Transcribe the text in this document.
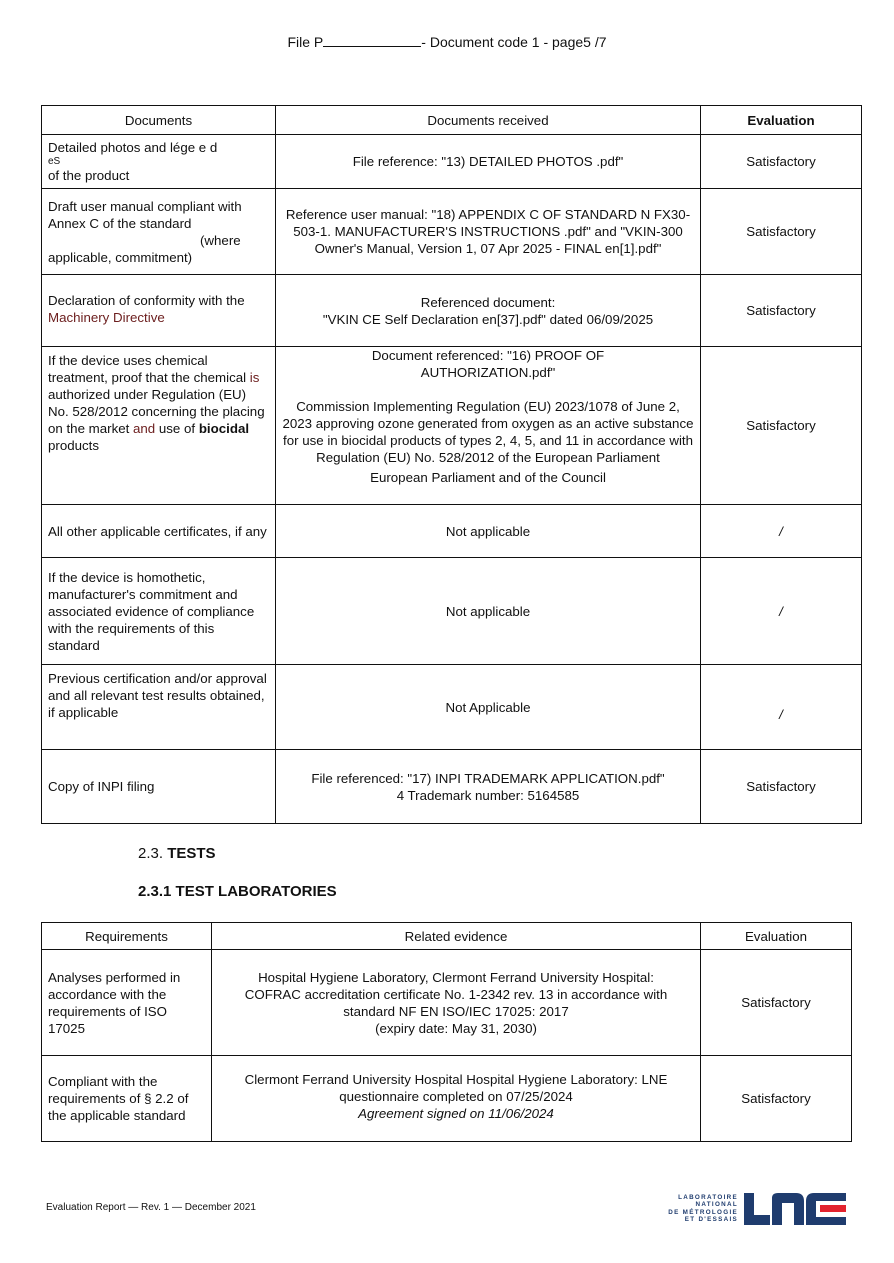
File P	- Document code 1 - page5 /7
Documents	Documents received	Evaluation

Detailed photos and lége e d
eS
of the product	File reference: "13) DETAILED PHOTOS .pdf"	Satisfactory

Draft user manual compliant with Annex C of the standard
(where
applicable, commitment)	Reference user manual: "18) APPENDIX C OF STANDARD N FX30-503-1. MANUFACTURER'S INSTRUCTIONS .pdf" and "VKIN-300 Owner's Manual, Version 1, 07 Apr 2025 - FINAL en[1].pdf"	Satisfactory

Declaration of conformity with the
Machinery Directive	Referenced document:
"VKIN CE Self Declaration en[37].pdf" dated 06/09/2025	Satisfactory
If the device uses chemical treatment, proof that the chemical is authorized under Regulation (EU) No. 528/2012 concerning the placing on the market and use of biocidal products	Document referenced: "16) PROOF OF AUTHORIZATION.pdf"
Commission Implementing Regulation (EU) 2023/1078 of June 2, 2023 approving ozone generated from oxygen as an active substance for use in biocidal products of types 2, 4, 5, and 11 in accordance with Regulation (EU) No. 528/2012 of the European Parliament
European Parliament and of the Council	Satisfactory
All other applicable certificates, if any	Not applicable	/
If the device is homothetic, manufacturer's commitment and associated evidence of compliance with the requirements of this standard	Not applicable	/
Previous certification and/or approval and all relevant test results obtained, if applicable	Not Applicable	/
Copy of INPI filing	File referenced: "17) INPI TRADEMARK APPLICATION.pdf"
4 Trademark number: 5164585	Satisfactory
2.3. TESTS
2.3.1 TEST LABORATORIES
Requirements	Related evidence	Evaluation
Analyses performed in accordance with the requirements of ISO 17025	Hospital Hygiene Laboratory, Clermont Ferrand University Hospital: COFRAC accreditation certificate No. 1-2342 rev. 13 in accordance with standard NF EN ISO/IEC 17025: 2017
(expiry date: May 31, 2030)	Satisfactory
Compliant with the requirements of § 2.2 of the applicable standard	Clermont Ferrand University Hospital Hospital Hygiene Laboratory: LNE questionnaire completed on 07/25/2024
Agreement signed on 11/06/2024	Satisfactory
Evaluation Report — Rev. 1 — December 2021
LABORATOIRE
NATIONAL
DE MÉTROLOGIE
ET D'ESSAIS
